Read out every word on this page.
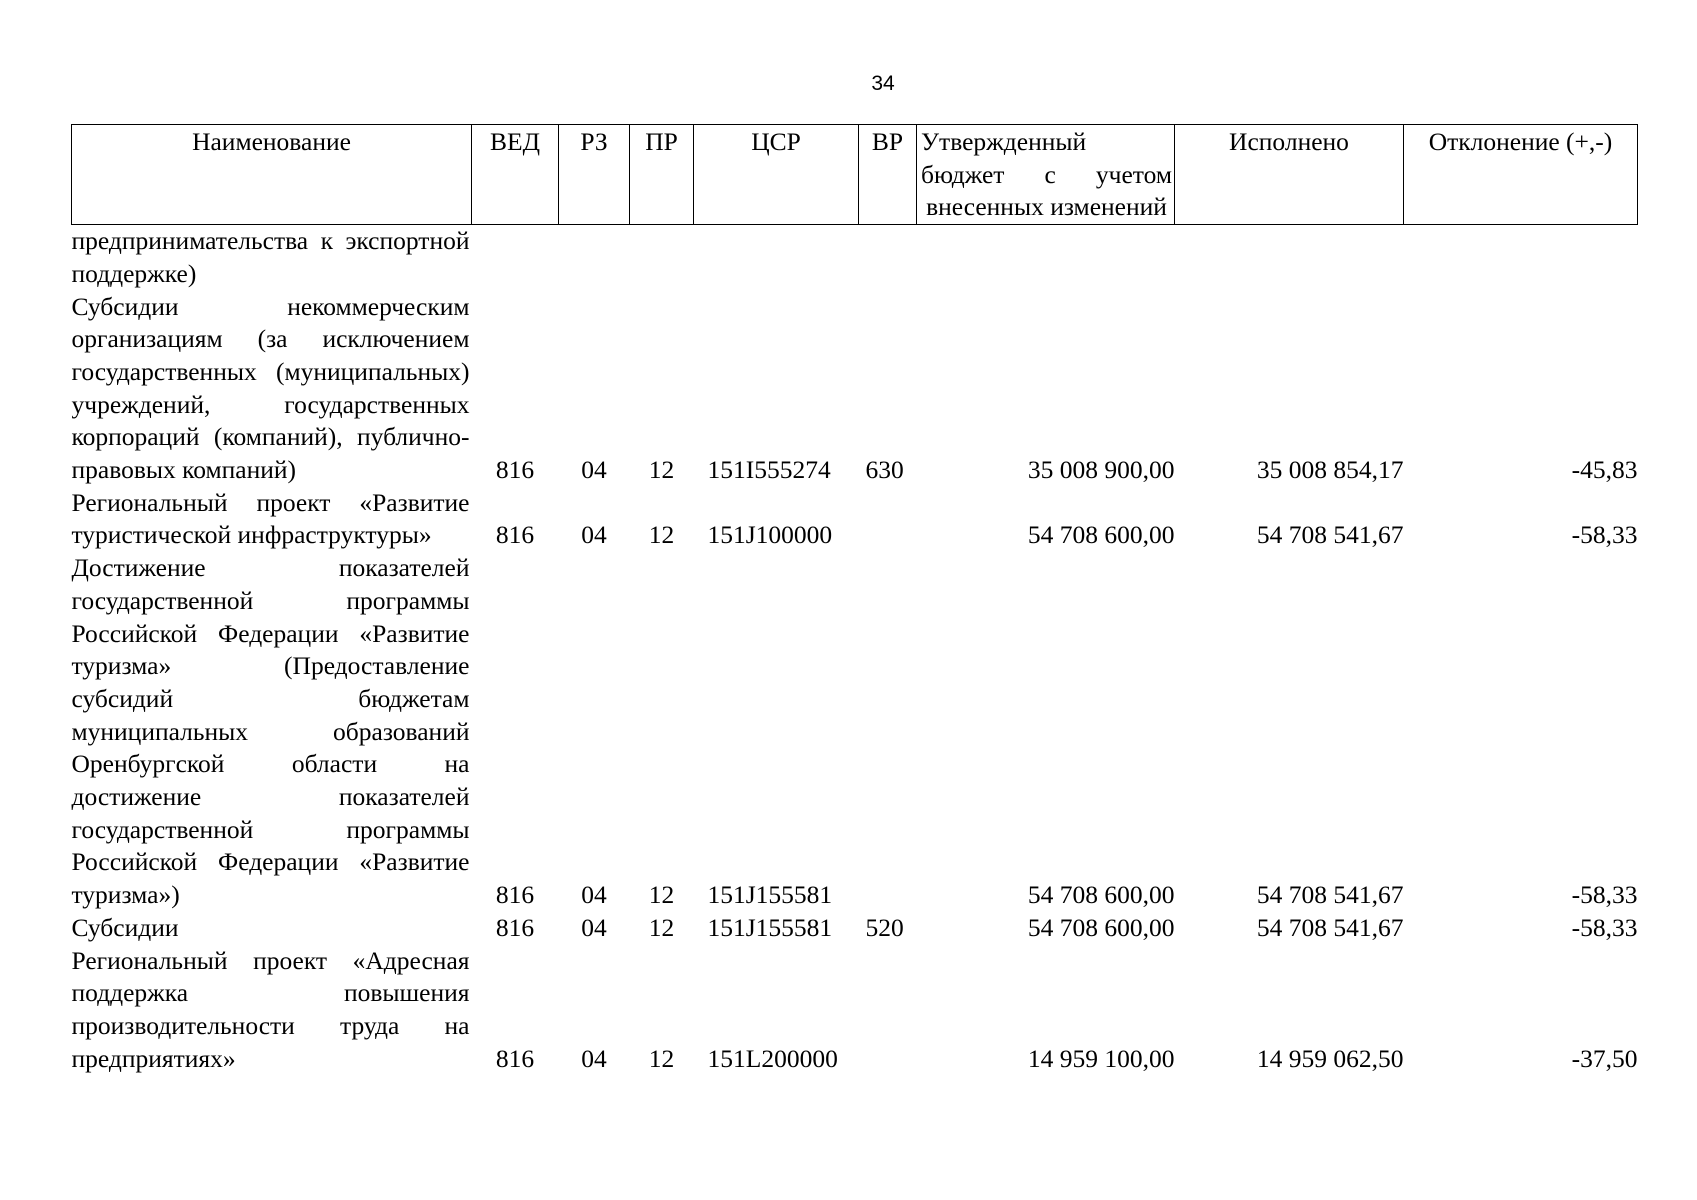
34
Наименование	ВЕД	РЗ	ПР	ЦСР	ВР	Утвержденный бюджет с учетом внесенных изменений	Исполнено	Отклонение (+,-)
предпринимательства к экспортной поддержке)								
Субсидии некоммерческим организациям (за исключением государственных (муниципальных) учреждений, государственных корпораций (компаний), публично-правовых компаний)	816	04	12	151I555274	630	35 008 900,00	35 008 854,17	-45,83
Региональный проект «Развитие туристической инфраструктуры»	816	04	12	151J100000		54 708 600,00	54 708 541,67	-58,33
Достижение показателей государственной программы Российской Федерации «Развитие туризма» (Предоставление субсидий бюджетам муниципальных образований Оренбургской области на достижение показателей государственной программы Российской Федерации «Развитие туризма»)	816	04	12	151J155581		54 708 600,00	54 708 541,67	-58,33
Субсидии	816	04	12	151J155581	520	54 708 600,00	54 708 541,67	-58,33
Региональный проект «Адресная поддержка повышения производительности труда на предприятиях»	816	04	12	151L200000		14 959 100,00	14 959 062,50	-37,50
